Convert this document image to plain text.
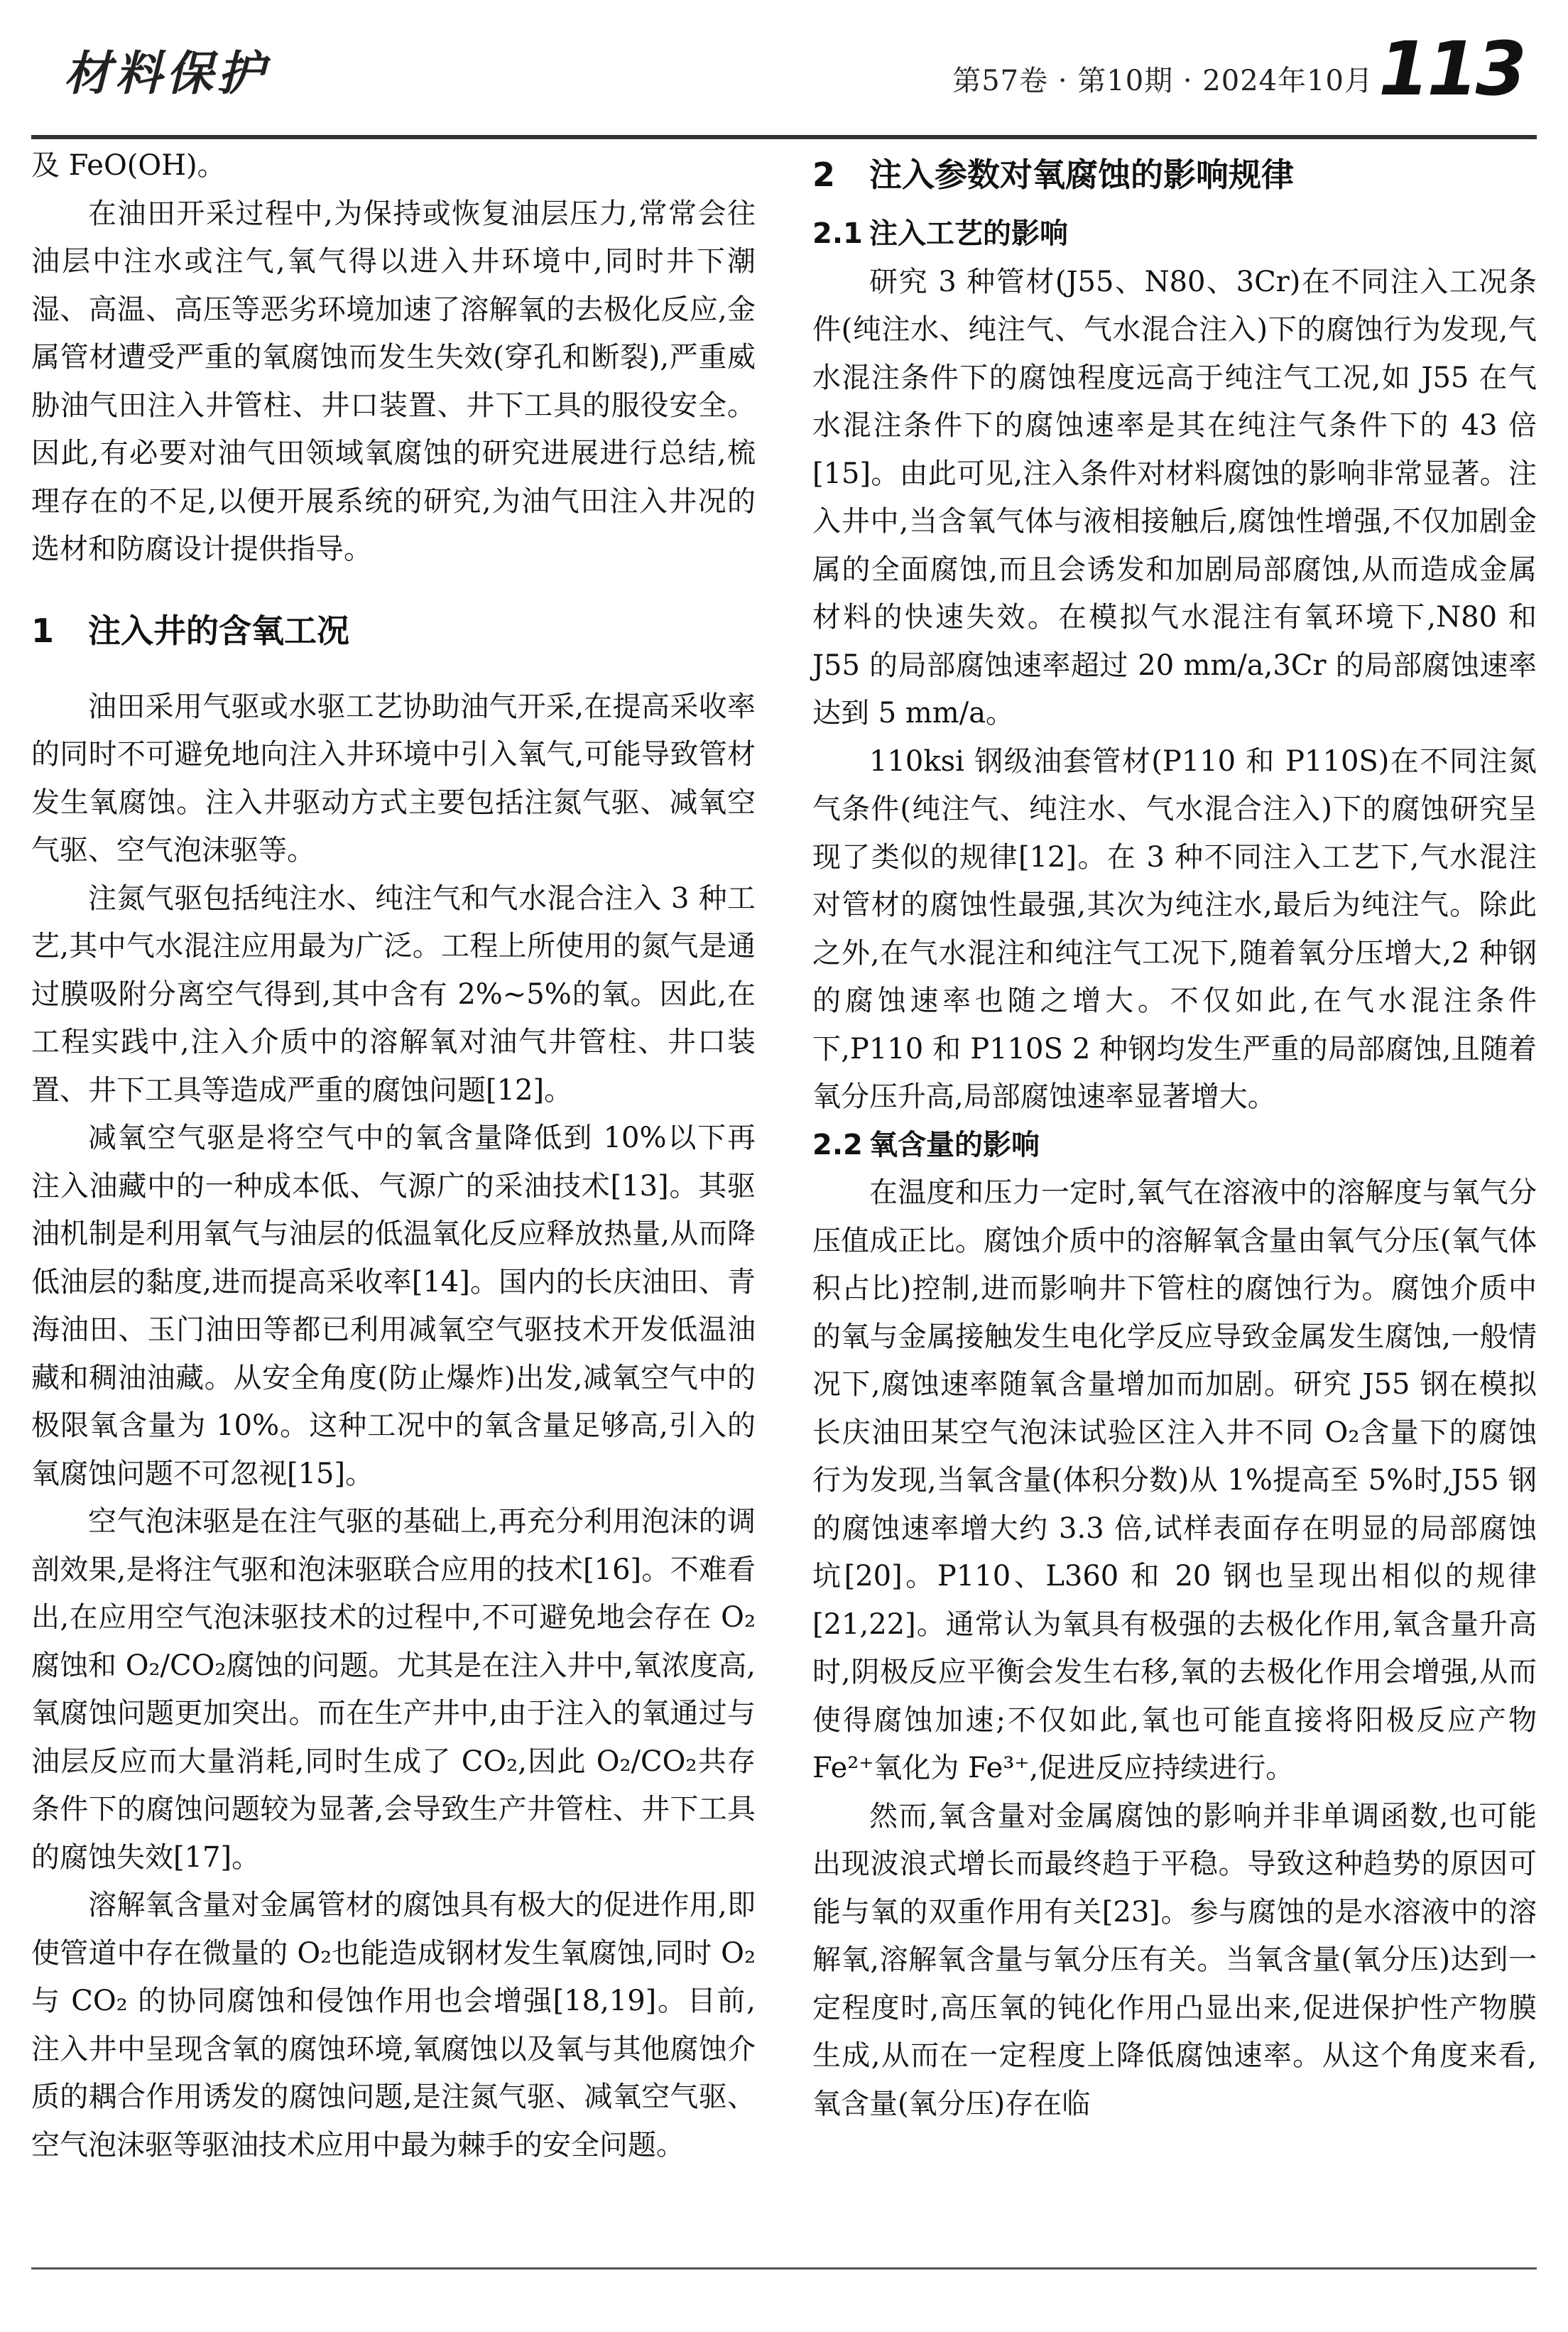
材料保护	第57卷 · 第10期 · 2024年10月 113

及 FeO(OH)。

在油田开采过程中,为保持或恢复油层压力,常常会往油层中注水或注气,氧气得以进入井环境中,同时井下潮湿、高温、高压等恶劣环境加速了溶解氧的去极化反应,金属管材遭受严重的氧腐蚀而发生失效(穿孔和断裂),严重威胁油气田注入井管柱、井口装置、井下工具的服役安全。因此,有必要对油气田领域氧腐蚀的研究进展进行总结,梳理存在的不足,以便开展系统的研究,为油气田注入井况的选材和防腐设计提供指导。

1 注入井的含氧工况

油田采用气驱或水驱工艺协助油气开采,在提高采收率的同时不可避免地向注入井环境中引入氧气,可能导致管材发生氧腐蚀。注入井驱动方式主要包括注氮气驱、减氧空气驱、空气泡沫驱等。

注氮气驱包括纯注水、纯注气和气水混合注入 3 种工艺,其中气水混注应用最为广泛。工程上所使用的氮气是通过膜吸附分离空气得到,其中含有 2%~5%的氧。因此,在工程实践中,注入介质中的溶解氧对油气井管柱、井口装置、井下工具等造成严重的腐蚀问题[12]。

减氧空气驱是将空气中的氧含量降低到 10%以下再注入油藏中的一种成本低、气源广的采油技术[13]。其驱油机制是利用氧气与油层的低温氧化反应释放热量,从而降低油层的黏度,进而提高采收率[14]。国内的长庆油田、青海油田、玉门油田等都已利用减氧空气驱技术开发低温油藏和稠油油藏。从安全角度(防止爆炸)出发,减氧空气中的极限氧含量为 10%。这种工况中的氧含量足够高,引入的氧腐蚀问题不可忽视[15]。

空气泡沫驱是在注气驱的基础上,再充分利用泡沫的调剖效果,是将注气驱和泡沫驱联合应用的技术[16]。不难看出,在应用空气泡沫驱技术的过程中,不可避免地会存在 O₂腐蚀和 O₂/CO₂腐蚀的问题。尤其是在注入井中,氧浓度高,氧腐蚀问题更加突出。而在生产井中,由于注入的氧通过与油层反应而大量消耗,同时生成了 CO₂,因此 O₂/CO₂共存条件下的腐蚀问题较为显著,会导致生产井管柱、井下工具的腐蚀失效[17]。

溶解氧含量对金属管材的腐蚀具有极大的促进作用,即使管道中存在微量的 O₂也能造成钢材发生氧腐蚀,同时 O₂ 与 CO₂ 的协同腐蚀和侵蚀作用也会增强[18,19]。目前,注入井中呈现含氧的腐蚀环境,氧腐蚀以及氧与其他腐蚀介质的耦合作用诱发的腐蚀问题,是注氮气驱、减氧空气驱、空气泡沫驱等驱油技术应用中最为棘手的安全问题。

2 注入参数对氧腐蚀的影响规律
2.1 注入工艺的影响

研究 3 种管材(J55、N80、3Cr)在不同注入工况条件(纯注水、纯注气、气水混合注入)下的腐蚀行为发现,气水混注条件下的腐蚀程度远高于纯注气工况,如 J55 在气水混注条件下的腐蚀速率是其在纯注气条件下的 43 倍[15]。由此可见,注入条件对材料腐蚀的影响非常显著。注入井中,当含氧气体与液相接触后,腐蚀性增强,不仅加剧金属的全面腐蚀,而且会诱发和加剧局部腐蚀,从而造成金属材料的快速失效。在模拟气水混注有氧环境下,N80 和 J55 的局部腐蚀速率超过 20 mm/a,3Cr 的局部腐蚀速率达到 5 mm/a。

110ksi 钢级油套管材(P110 和 P110S)在不同注氮气条件(纯注气、纯注水、气水混合注入)下的腐蚀研究呈现了类似的规律[12]。在 3 种不同注入工艺下,气水混注对管材的腐蚀性最强,其次为纯注水,最后为纯注气。除此之外,在气水混注和纯注气工况下,随着氧分压增大,2 种钢的腐蚀速率也随之增大。不仅如此,在气水混注条件下,P110 和 P110S 2 种钢均发生严重的局部腐蚀,且随着氧分压升高,局部腐蚀速率显著增大。

2.2 氧含量的影响

在温度和压力一定时,氧气在溶液中的溶解度与氧气分压值成正比。腐蚀介质中的溶解氧含量由氧气分压(氧气体积占比)控制,进而影响井下管柱的腐蚀行为。腐蚀介质中的氧与金属接触发生电化学反应导致金属发生腐蚀,一般情况下,腐蚀速率随氧含量增加而加剧。研究 J55 钢在模拟长庆油田某空气泡沫试验区注入井不同 O₂含量下的腐蚀行为发现,当氧含量(体积分数)从 1%提高至 5%时,J55 钢的腐蚀速率增大约 3.3 倍,试样表面存在明显的局部腐蚀坑[20]。P110、L360 和 20 钢也呈现出相似的规律[21,22]。通常认为氧具有极强的去极化作用,氧含量升高时,阴极反应平衡会发生右移,氧的去极化作用会增强,从而使得腐蚀加速;不仅如此,氧也可能直接将阳极反应产物 Fe²⁺氧化为 Fe³⁺,促进反应持续进行。

然而,氧含量对金属腐蚀的影响并非单调函数,也可能出现波浪式增长而最终趋于平稳。导致这种趋势的原因可能与氧的双重作用有关[23]。参与腐蚀的是水溶液中的溶解氧,溶解氧含量与氧分压有关。当氧含量(氧分压)达到一定程度时,高压氧的钝化作用凸显出来,促进保护性产物膜生成,从而在一定程度上降低腐蚀速率。从这个角度来看,氧含量(氧分压)存在临
